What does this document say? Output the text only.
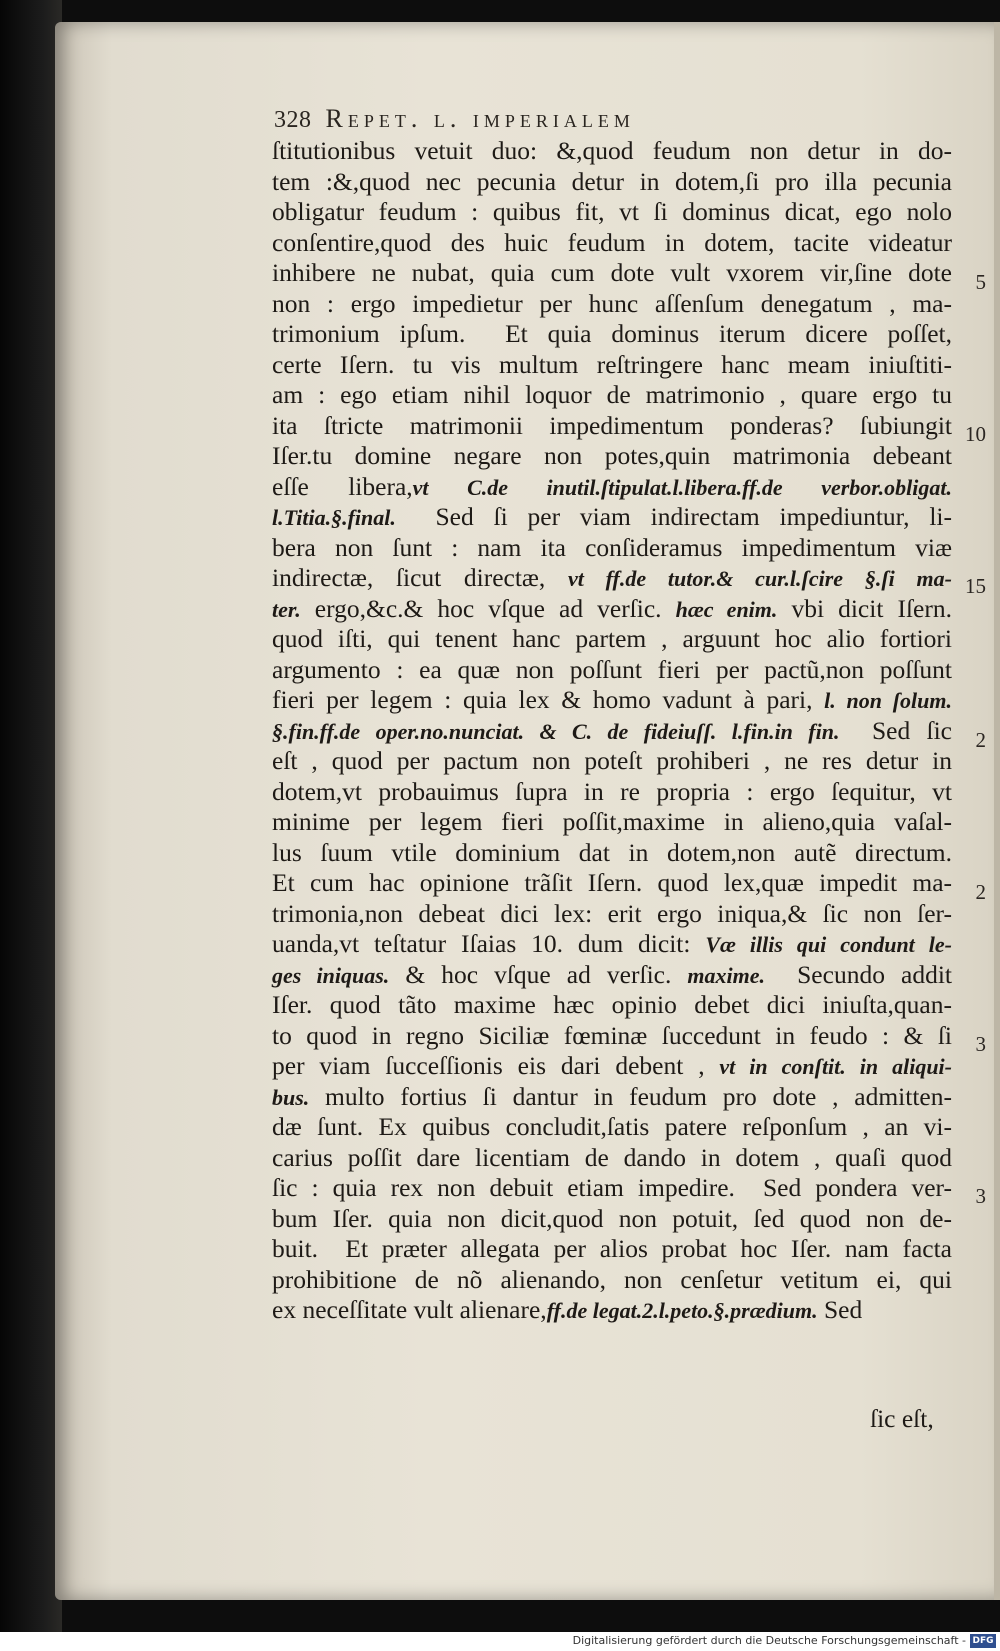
328 Repet. l. imperialem
ſtitutionibus vetuit duo: &,quod feudum non detur in do-
tem :&,quod nec pecunia detur in dotem,ſi pro illa pecunia
obligatur feudum : quibus fit, vt ſi dominus dicat, ego nolo
conſentire,quod des huic feudum in dotem, tacite videatur
inhibere ne nubat, quia cum dote vult vxorem vir,ſine dote
non : ergo impedietur per hunc aſſenſum denegatum , ma-
trimonium ipſum.  Et quia dominus iterum dicere poſſet,
certe Iſern. tu vis multum reſtringere hanc meam iniuſtiti-
am : ego etiam nihil loquor de matrimonio , quare ergo tu
ita ſtricte matrimonii impedimentum ponderas? ſubiungit
Iſer.tu domine negare non potes,quin matrimonia debeant
eſſe libera,vt C.de inutil.ſtipulat.l.libera.ff.de verbor.obligat.
l.Titia.§.final.  Sed ſi per viam indirectam impediuntur, li-
bera non ſunt : nam ita conſideramus impedimentum viæ
indirectæ, ſicut directæ, vt ff.de tutor.& cur.l.ſcire §.ſi ma-
ter. ergo,&c.& hoc vſque ad verſic. hæc enim. vbi dicit Iſern.
quod iſti, qui tenent hanc partem , arguunt hoc alio fortiori
argumento : ea quæ non poſſunt fieri per pactũ,non poſſunt
fieri per legem : quia lex & homo vadunt à pari, l. non ſolum.
§.fin.ff.de oper.no.nunciat. & C. de fideiuſſ. l.fin.in fin.  Sed ſic
eſt , quod per pactum non poteſt prohiberi , ne res detur in
dotem,vt probauimus ſupra in re propria : ergo ſequitur, vt
minime per legem fieri poſſit,maxime in alieno,quia vaſal-
lus ſuum vtile dominium dat in dotem,non autẽ directum.
Et cum hac opinione trãſit Iſern. quod lex,quæ impedit ma-
trimonia,non debeat dici lex: erit ergo iniqua,& ſic non ſer-
uanda,vt teſtatur Iſaias 10. dum dicit: Væ illis qui condunt le-
ges iniquas. & hoc vſque ad verſic. maxime.  Secundo addit
Iſer. quod tãto maxime hæc opinio debet dici iniuſta,quan-
to quod in regno Siciliæ fœminæ ſuccedunt in feudo : & ſi
per viam ſucceſſionis eis dari debent , vt in conſtit. in aliqui-
bus. multo fortius ſi dantur in feudum pro dote , admitten-
dæ ſunt. Ex quibus concludit,ſatis patere reſponſum , an vi-
carius poſſit dare licentiam de dando in dotem , quaſi quod
ſic : quia rex non debuit etiam impedire.  Sed pondera ver-
bum Iſer. quia non dicit,quod non potuit, ſed quod non de-
buit.  Et præter allegata per alios probat hoc Iſer. nam facta
prohibitione de nõ alienando, non cenſetur vetitum ei, qui
ex neceſſitate vult alienare,ff.de legat.2.l.peto.§.prædium. Sed
5
10
15
2
2
3
3
ſic eſt,
Digitalisierung gefördert durch die Deutsche Forschungsgemeinschaft - DFG
